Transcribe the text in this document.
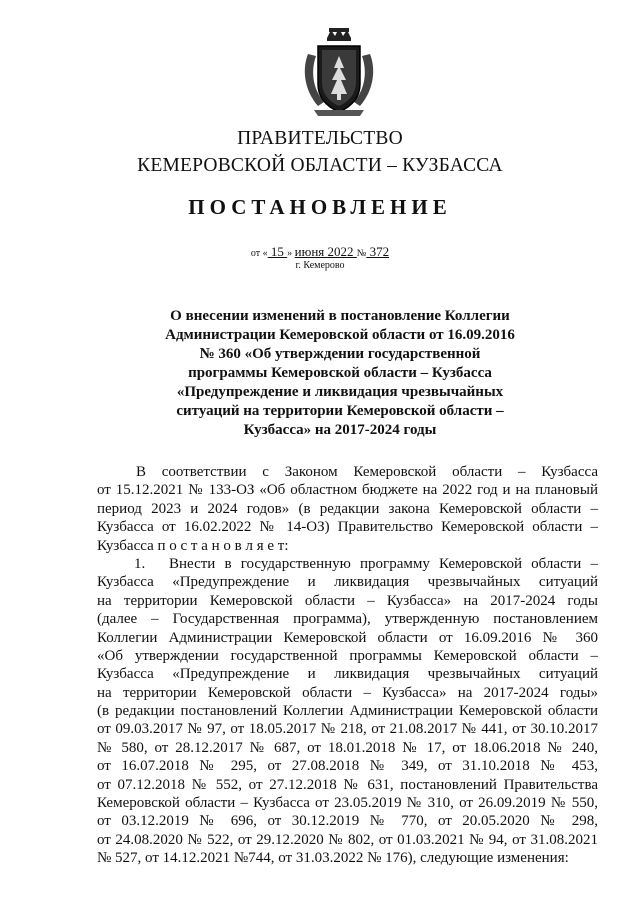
ПРАВИТЕЛЬСТВО
КЕМЕРОВСКОЙ ОБЛАСТИ – КУЗБАССА
ПОСТАНОВЛЕНИЕ
от « 15 » июня 2022 № 372
г. Кемерово
О внесении изменений в постановление Коллегии
Администрации Кемеровской области от 16.09.2016
№ 360 «Об утверждении государственной
программы Кемеровской области – Кузбасса
«Предупреждение и ликвидация чрезвычайных
ситуаций на территории Кемеровской области –
Кузбасса» на 2017-2024 годы
В соответствии с Законом Кемеровской области – Кузбасса
от 15.12.2021 № 133-ОЗ «Об областном бюджете на 2022 год и на плановый
период 2023 и 2024 годов» (в редакции закона Кемеровской области –
Кузбасса от 16.02.2022 № 14-ОЗ) Правительство Кемеровской области –
Кузбасса п о с т а н о в л я е т:
1. Внести в государственную программу Кемеровской области –
Кузбасса «Предупреждение и ликвидация чрезвычайных ситуаций
на территории Кемеровской области – Кузбасса» на 2017-2024 годы
(далее – Государственная программа), утвержденную постановлением
Коллегии Администрации Кемеровской области от 16.09.2016 № 360
«Об утверждении государственной программы Кемеровской области –
Кузбасса «Предупреждение и ликвидация чрезвычайных ситуаций
на территории Кемеровской области – Кузбасса» на 2017-2024 годы»
(в редакции постановлений Коллегии Администрации Кемеровской области
от 09.03.2017 № 97, от 18.05.2017 № 218, от 21.08.2017 № 441, от 30.10.2017
№ 580, от 28.12.2017 № 687, от 18.01.2018 № 17, от 18.06.2018 № 240,
от 16.07.2018 № 295, от 27.08.2018 № 349, от 31.10.2018 № 453,
от 07.12.2018 № 552, от 27.12.2018 № 631, постановлений Правительства
Кемеровской области – Кузбасса от 23.05.2019 № 310, от 26.09.2019 № 550,
от 03.12.2019 № 696, от 30.12.2019 № 770, от 20.05.2020 № 298,
от 24.08.2020 № 522, от 29.12.2020 № 802, от 01.03.2021 № 94, от 31.08.2021
№ 527, от 14.12.2021 №744, от 31.03.2022 № 176), следующие изменения:
